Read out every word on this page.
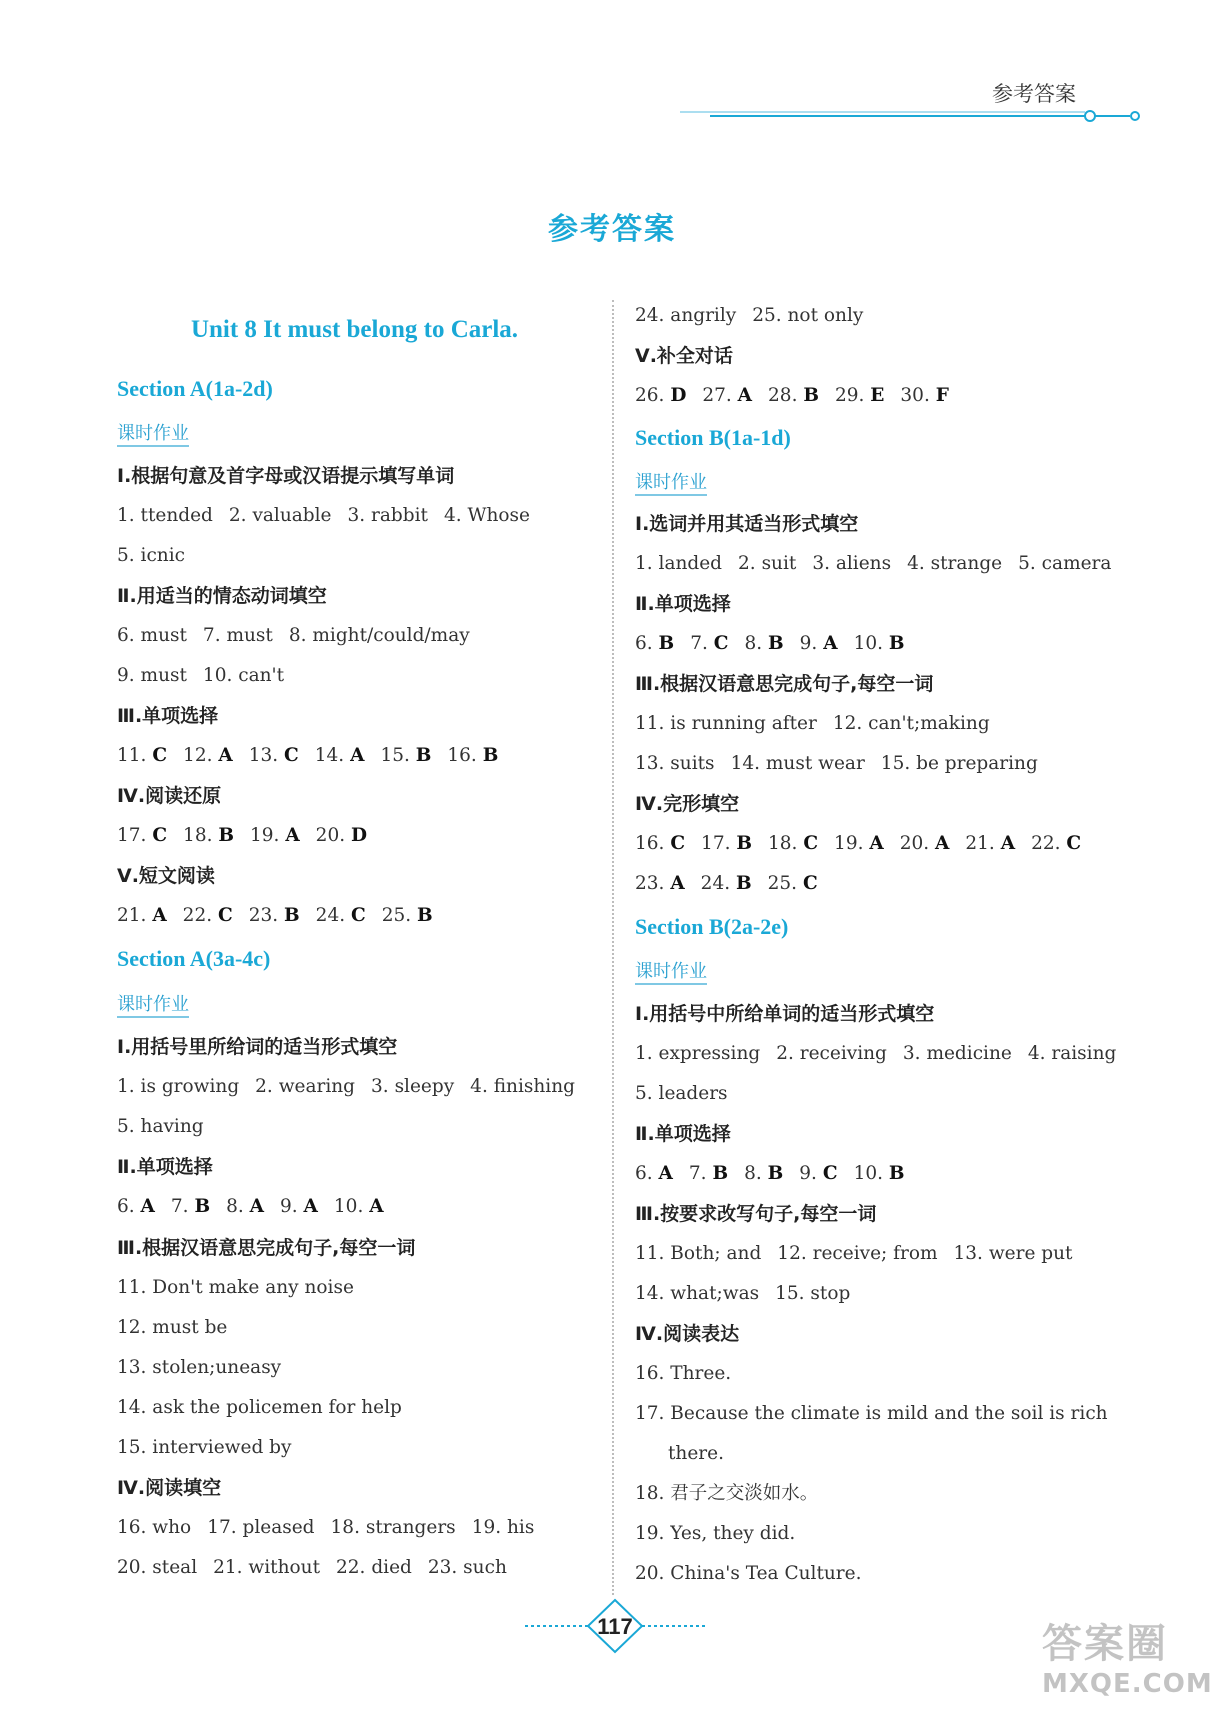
参考答案
参考答案
Unit 8 It must belong to Carla.
Section A(1a-2d)
课时作业
Ⅰ.根据句意及首字母或汉语提示填写单词
1. ttended 2. valuable 3. rabbit 4. Whose
5. icnic
Ⅱ.用适当的情态动词填空
6. must 7. must 8. might/could/may
9. must 10. can't
Ⅲ.单项选择
11. C 12. A 13. C 14. A 15. B 16. B
Ⅳ.阅读还原
17. C 18. B 19. A 20. D
Ⅴ.短文阅读
21. A 22. C 23. B 24. C 25. B
Section A(3a-4c)
课时作业
Ⅰ.用括号里所给词的适当形式填空
1. is growing 2. wearing 3. sleepy 4. finishing
5. having
Ⅱ.单项选择
6. A 7. B 8. A 9. A 10. A
Ⅲ.根据汉语意思完成句子,每空一词
11. Don't make any noise
12. must be
13. stolen;uneasy
14. ask the policemen for help
15. interviewed by
Ⅳ.阅读填空
16. who 17. pleased 18. strangers 19. his
20. steal 21. without 22. died 23. such
24. angrily 25. not only
Ⅴ.补全对话
26. D 27. A 28. B 29. E 30. F
Section B(1a-1d)
课时作业
Ⅰ.选词并用其适当形式填空
1. landed 2. suit 3. aliens 4. strange 5. camera
Ⅱ.单项选择
6. B 7. C 8. B 9. A 10. B
Ⅲ.根据汉语意思完成句子,每空一词
11. is running after 12. can't;making
13. suits 14. must wear 15. be preparing
Ⅳ.完形填空
16. C 17. B 18. C 19. A 20. A 21. A 22. C
23. A 24. B 25. C
Section B(2a-2e)
课时作业
Ⅰ.用括号中所给单词的适当形式填空
1. expressing 2. receiving 3. medicine 4. raising
5. leaders
Ⅱ.单项选择
6. A 7. B 8. B 9. C 10. B
Ⅲ.按要求改写句子,每空一词
11. Both; and 12. receive; from 13. were put
14. what;was 15. stop
Ⅳ.阅读表达
16. Three.
17. Because the climate is mild and the soil is rich
there.
18. 君子之交淡如水。
19. Yes, they did.
20. China's Tea Culture.
117	答案圈
MXQE.COM
